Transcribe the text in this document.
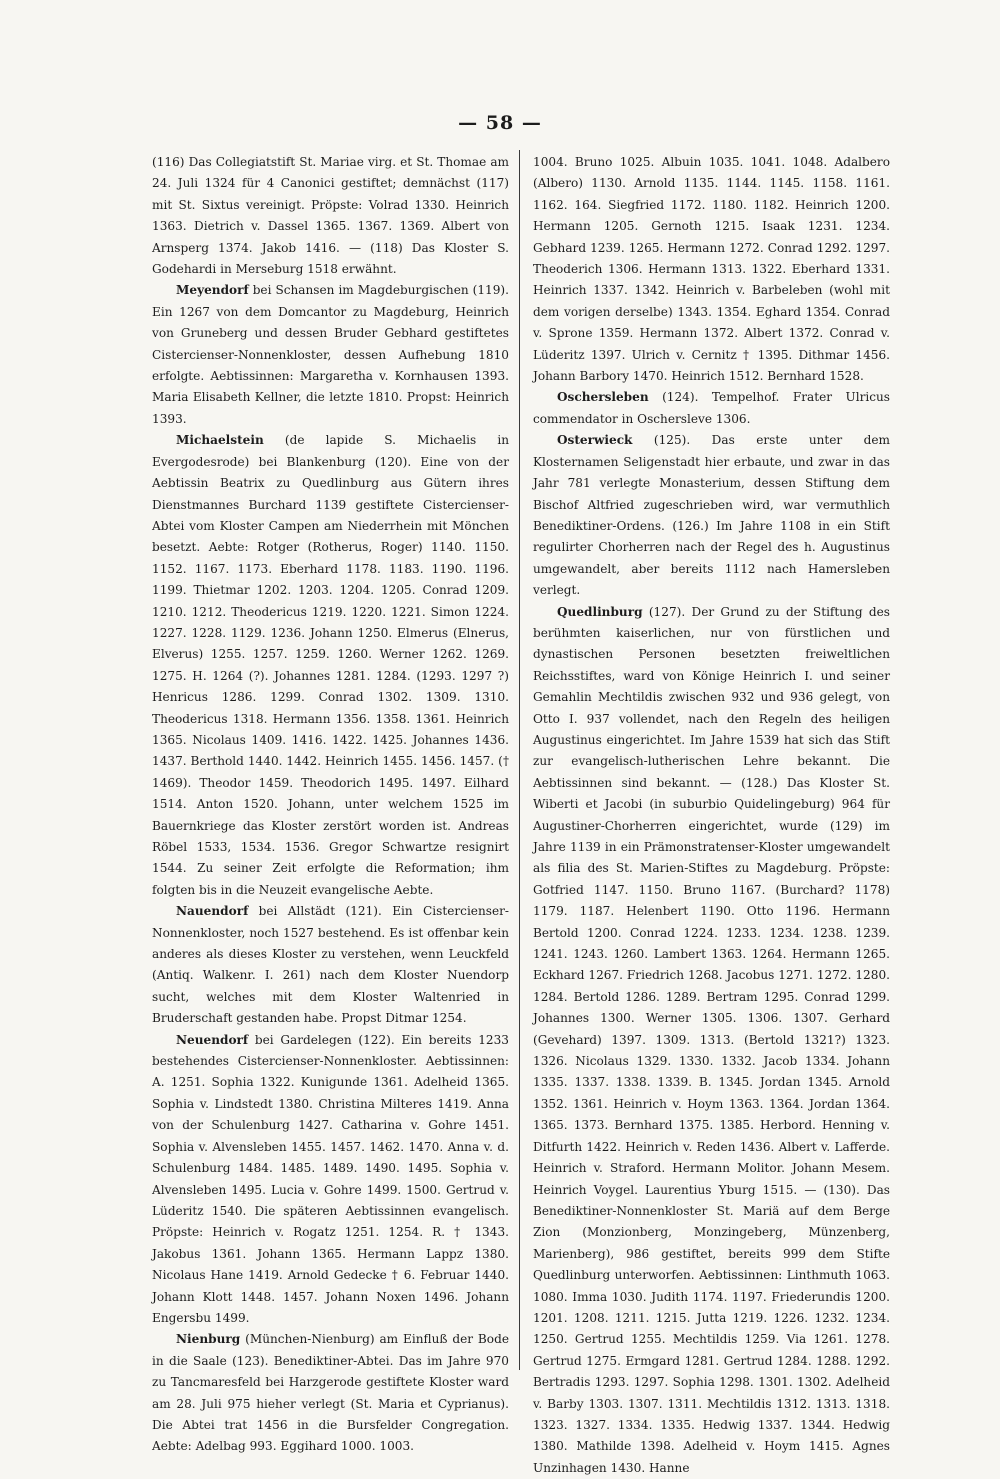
— 58 —

(116) Das Collegiatstift St. Mariae virg. et St. Thomae am 24. Juli 1324 für 4 Canonici gestiftet; demnächst (117) mit St. Sixtus vereinigt. Pröpste: Volrad 1330. Heinrich 1363. Dietrich v. Dassel 1365. 1367. 1369. Albert von Arnsperg 1374. Jakob 1416. — (118) Das Kloster S. Godehardi in Merseburg 1518 erwähnt.

Meyendorf bei Schansen im Magdeburgischen (119). Ein 1267 von dem Domcantor zu Magdeburg, Heinrich von Gruneberg und dessen Bruder Gebhard gestiftetes Cistercienser-Nonnenkloster, dessen Aufhebung 1810 erfolgte. Aebtissinnen: Margaretha v. Kornhausen 1393. Maria Elisabeth Kellner, die letzte 1810. Propst: Heinrich 1393.

Michaelstein (de lapide S. Michaelis in Evergodesrode) bei Blankenburg (120). Eine von der Aebtissin Beatrix zu Quedlinburg aus Gütern ihres Dienstmannes Burchard 1139 gestiftete Cistercienser-Abtei vom Kloster Campen am Niederrhein mit Mönchen besetzt. Aebte: Rotger (Rotherus, Roger) 1140. 1150. 1152. 1167. 1173. Eberhard 1178. 1183. 1190. 1196. 1199. Thietmar 1202. 1203. 1204. 1205. Conrad 1209. 1210. 1212. Theodericus 1219. 1220. 1221. Simon 1224. 1227. 1228. 1129. 1236. Johann 1250. Elmerus (Elnerus, Elverus) 1255. 1257. 1259. 1260. Werner 1262. 1269. 1275. H. 1264 (?). Johannes 1281. 1284. (1293. 1297 ?) Henricus 1286. 1299. Conrad 1302. 1309. 1310. Theodericus 1318. Hermann 1356. 1358. 1361. Heinrich 1365. Nicolaus 1409. 1416. 1422. 1425. Johannes 1436. 1437. Berthold 1440. 1442. Heinrich 1455. 1456. 1457. († 1469). Theodor 1459. Theodorich 1495. 1497. Eilhard 1514. Anton 1520. Johann, unter welchem 1525 im Bauernkriege das Kloster zerstört worden ist. Andreas Röbel 1533, 1534. 1536. Gregor Schwartze resignirt 1544. Zu seiner Zeit erfolgte die Reformation; ihm folgten bis in die Neuzeit evangelische Aebte.

Nauendorf bei Allstädt (121). Ein Cistercienser-Nonnenkloster, noch 1527 bestehend. Es ist offenbar kein anderes als dieses Kloster zu verstehen, wenn Leuckfeld (Antiq. Walkenr. I. 261) nach dem Kloster Nuendorp sucht, welches mit dem Kloster Waltenried in Bruderschaft gestanden habe. Propst Ditmar 1254.

Neuendorf bei Gardelegen (122). Ein bereits 1233 bestehendes Cistercienser-Nonnenkloster. Aebtissinnen: A. 1251. Sophia 1322. Kunigunde 1361. Adelheid 1365. Sophia v. Lindstedt 1380. Christina Milteres 1419. Anna von der Schulenburg 1427. Catharina v. Gohre 1451. Sophia v. Alvensleben 1455. 1457. 1462. 1470. Anna v. d. Schulenburg 1484. 1485. 1489. 1490. 1495. Sophia v. Alvensleben 1495. Lucia v. Gohre 1499. 1500. Gertrud v. Lüderitz 1540. Die späteren Aebtissinnen evangelisch. Pröpste: Heinrich v. Rogatz 1251. 1254. R. † 1343. Jakobus 1361. Johann 1365. Hermann Lappz 1380. Nicolaus Hane 1419. Arnold Gedecke † 6. Februar 1440. Johann Klott 1448. 1457. Johann Noxen 1496. Johann Engersbu 1499.

Nienburg (München-Nienburg) am Einfluß der Bode in die Saale (123). Benediktiner-Abtei. Das im Jahre 970 zu Tancmaresfeld bei Harzgerode gestiftete Kloster ward am 28. Juli 975 hieher verlegt (St. Maria et Cyprianus). Die Abtei trat 1456 in die Bursfelder Congregation. Aebte: Adelbag 993. Eggihard 1000. 1003.

1004. Bruno 1025. Albuin 1035. 1041. 1048. Adalbero (Albero) 1130. Arnold 1135. 1144. 1145. 1158. 1161. 1162. 164. Siegfried 1172. 1180. 1182. Heinrich 1200. Hermann 1205. Gernoth 1215. Isaak 1231. 1234. Gebhard 1239. 1265. Hermann 1272. Conrad 1292. 1297. Theoderich 1306. Hermann 1313. 1322. Eberhard 1331. Heinrich 1337. 1342. Heinrich v. Barbeleben (wohl mit dem vorigen derselbe) 1343. 1354. Eghard 1354. Conrad v. Sprone 1359. Hermann 1372. Albert 1372. Conrad v. Lüderitz 1397. Ulrich v. Cernitz † 1395. Dithmar 1456. Johann Barbory 1470. Heinrich 1512. Bernhard 1528.

Oschersleben (124). Tempelhof. Frater Ulricus commendator in Oschersleve 1306.

Osterwieck (125). Das erste unter dem Klosternamen Seligenstadt hier erbaute, und zwar in das Jahr 781 verlegte Monasterium, dessen Stiftung dem Bischof Altfried zugeschrieben wird, war vermuthlich Benediktiner-Ordens. (126.) Im Jahre 1108 in ein Stift regulirter Chorherren nach der Regel des h. Augustinus umgewandelt, aber bereits 1112 nach Hamersleben verlegt.

Quedlinburg (127). Der Grund zu der Stiftung des berühmten kaiserlichen, nur von fürstlichen und dynastischen Personen besetzten freiweltlichen Reichsstiftes, ward von Könige Heinrich I. und seiner Gemahlin Mechtildis zwischen 932 und 936 gelegt, von Otto I. 937 vollendet, nach den Regeln des heiligen Augustinus eingerichtet. Im Jahre 1539 hat sich das Stift zur evangelisch-lutherischen Lehre bekannt. Die Aebtissinnen sind bekannt. — (128.) Das Kloster St. Wiberti et Jacobi (in suburbio Quidelingeburg) 964 für Augustiner-Chorherren eingerichtet, wurde (129) im Jahre 1139 in ein Prämonstratenser-Kloster umgewandelt als filia des St. Marien-Stiftes zu Magdeburg. Pröpste: Gotfried 1147. 1150. Bruno 1167. (Burchard? 1178) 1179. 1187. Helenbert 1190. Otto 1196. Hermann Bertold 1200. Conrad 1224. 1233. 1234. 1238. 1239. 1241. 1243. 1260. Lambert 1363. 1264. Hermann 1265. Eckhard 1267. Friedrich 1268. Jacobus 1271. 1272. 1280. 1284. Bertold 1286. 1289. Bertram 1295. Conrad 1299. Johannes 1300. Werner 1305. 1306. 1307. Gerhard (Gevehard) 1397. 1309. 1313. (Bertold 1321?) 1323. 1326. Nicolaus 1329. 1330. 1332. Jacob 1334. Johann 1335. 1337. 1338. 1339. B. 1345. Jordan 1345. Arnold 1352. 1361. Heinrich v. Hoym 1363. 1364. Jordan 1364. 1365. 1373. Bernhard 1375. 1385. Herbord. Henning v. Ditfurth 1422. Heinrich v. Reden 1436. Albert v. Lafferde. Heinrich v. Straford. Hermann Molitor. Johann Mesem. Heinrich Voygel. Laurentius Yburg 1515. — (130). Das Benediktiner-Nonnenkloster St. Mariä auf dem Berge Zion (Monzionberg, Monzingeberg, Münzenberg, Marienberg), 986 gestiftet, bereits 999 dem Stifte Quedlinburg unterworfen. Aebtissinnen: Linthmuth 1063. 1080. Imma 1030. Judith 1174. 1197. Friederundis 1200. 1201. 1208. 1211. 1215. Jutta 1219. 1226. 1232. 1234. 1250. Gertrud 1255. Mechtildis 1259. Via 1261. 1278. Gertrud 1275. Ermgard 1281. Gertrud 1284. 1288. 1292. Bertradis 1293. 1297. Sophia 1298. 1301. 1302. Adelheid v. Barby 1303. 1307. 1311. Mechtildis 1312. 1313. 1318. 1323. 1327. 1334. 1335. Hedwig 1337. 1344. Hedwig 1380. Mathilde 1398. Adelheid v. Hoym 1415. Agnes Unzinhagen 1430. Hanne
